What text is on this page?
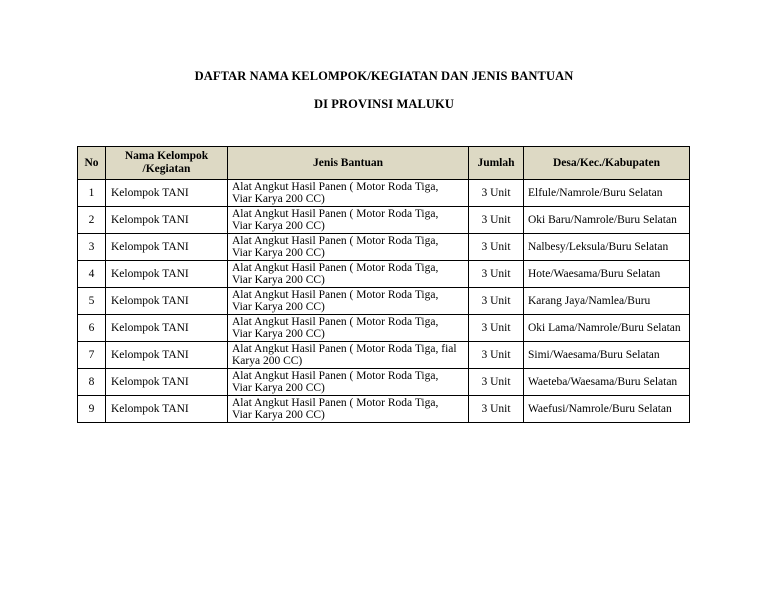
DAFTAR NAMA KELOMPOK/KEGIATAN DAN JENIS BANTUAN
DI PROVINSI MALUKU
No	Nama Kelompok
/Kegiatan	Jenis Bantuan	Jumlah	Desa/Kec./Kabupaten
1	Kelompok TANI	Alat Angkut Hasil Panen ( Motor Roda Tiga,
Viar Karya 200 CC)	3 Unit	Elfule/Namrole/Buru Selatan
2	Kelompok TANI	Alat Angkut Hasil Panen ( Motor Roda Tiga,
Viar Karya 200 CC)	3 Unit	Oki Baru/Namrole/Buru Selatan
3	Kelompok TANI	Alat Angkut Hasil Panen ( Motor Roda Tiga,
Viar Karya 200 CC)	3 Unit	Nalbesy/Leksula/Buru Selatan
4	Kelompok TANI	Alat Angkut Hasil Panen ( Motor Roda Tiga,
Viar Karya 200 CC)	3 Unit	Hote/Waesama/Buru Selatan
5	Kelompok TANI	Alat Angkut Hasil Panen ( Motor Roda Tiga,
Viar Karya 200 CC)	3 Unit	Karang Jaya/Namlea/Buru
6	Kelompok TANI	Alat Angkut Hasil Panen ( Motor Roda Tiga,
Viar Karya 200 CC)	3 Unit	Oki Lama/Namrole/Buru Selatan
7	Kelompok TANI	Alat Angkut Hasil Panen ( Motor Roda Tiga, fial
Karya 200 CC)	3 Unit	Simi/Waesama/Buru Selatan
8	Kelompok TANI	Alat Angkut Hasil Panen ( Motor Roda Tiga,
Viar Karya 200 CC)	3 Unit	Waeteba/Waesama/Buru Selatan
9	Kelompok TANI	Alat Angkut Hasil Panen ( Motor Roda Tiga,
Viar Karya 200 CC)	3 Unit	Waefusi/Namrole/Buru Selatan
